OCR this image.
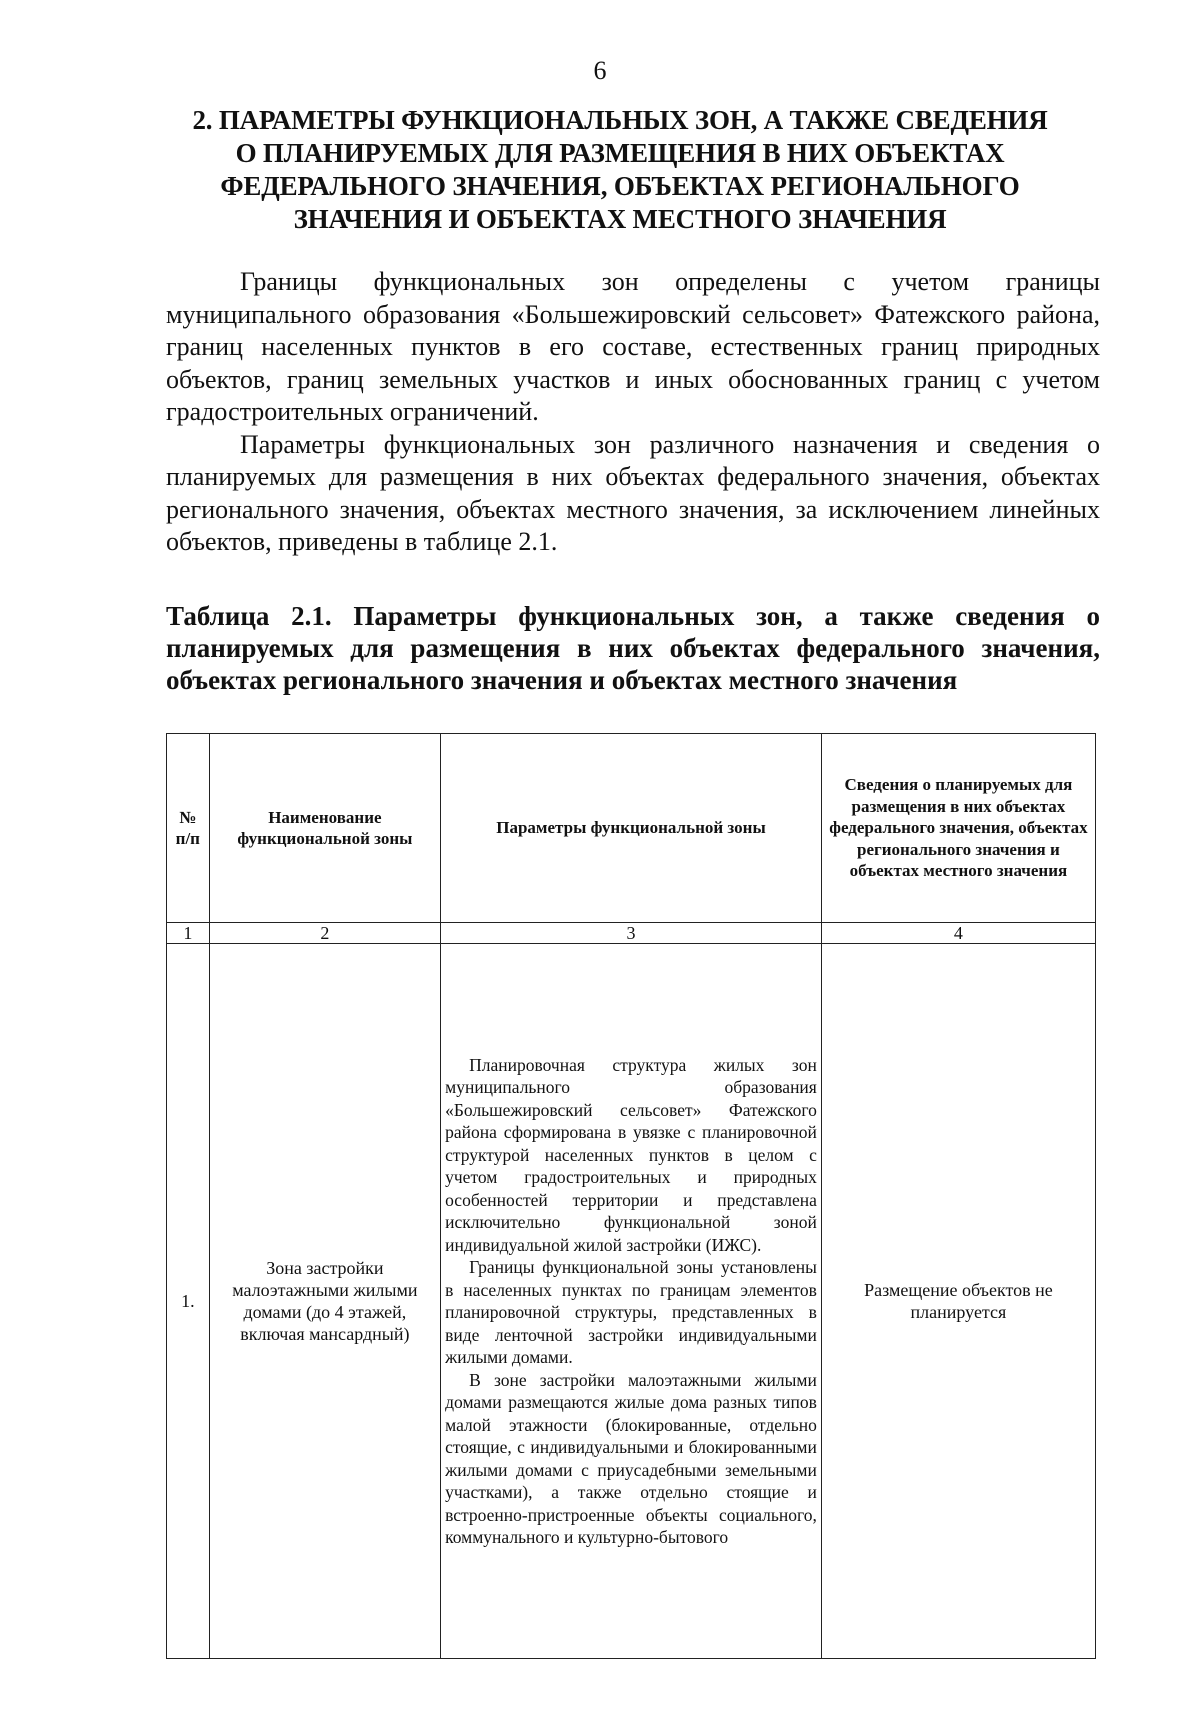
6
2. ПАРАМЕТРЫ ФУНКЦИОНАЛЬНЫХ ЗОН, А ТАКЖЕ СВЕДЕНИЯ
О ПЛАНИРУЕМЫХ ДЛЯ РАЗМЕЩЕНИЯ В НИХ ОБЪЕКТАХ
ФЕДЕРАЛЬНОГО ЗНАЧЕНИЯ, ОБЪЕКТАХ РЕГИОНАЛЬНОГО
ЗНАЧЕНИЯ И ОБЪЕКТАХ МЕСТНОГО ЗНАЧЕНИЯ

Границы функциональных зон определены с учетом границы муниципального образования «Большежировский сельсовет» Фатежского района, границ населенных пунктов в его составе, естественных границ природных объектов, границ земельных участков и иных обоснованных границ с учетом градостроительных ограничений.

Параметры функциональных зон различного назначения и сведения о планируемых для размещения в них объектах федерального значения, объектах регионального значения, объектах местного значения, за исключением линейных объектов, приведены в таблице 2.1.

Таблица 2.1. Параметры функциональных зон, а также сведения о планируемых для размещения в них объектах федерального значения, объектах регионального значения и объектах местного значения
№ п/п	Наименование функциональной зоны	Параметры функциональной зоны	Сведения о планируемых для размещения в них объектах федерального значения, объектах регионального значения и объектах местного значения
1	2	3	4
1.	Зона застройки малоэтажными жилыми домами (до 4 этажей, включая мансардный)	Планировочная структура жилых зон муниципального образования «Большежировский сельсовет» Фатежского района сформирована в увязке с планировочной структурой населенных пунктов в целом с учетом градостроительных и природных особенностей территории и представлена исключительно функциональной зоной индивидуальной жилой застройки (ИЖС).

Границы функциональной зоны установлены в населенных пунктах по границам элементов планировочной структуры, представленных в виде ленточной застройки индивидуальными жилыми домами.

В зоне застройки малоэтажными жилыми домами размещаются жилые дома разных типов малой этажности (блокированные, отдельно стоящие, с индивидуальными и блокированными жилыми домами с приусадебными земельными участками), а также отдельно стоящие и встроенно-пристроенные объекты социального, коммунального и культурно-бытового	Размещение объектов не планируется
